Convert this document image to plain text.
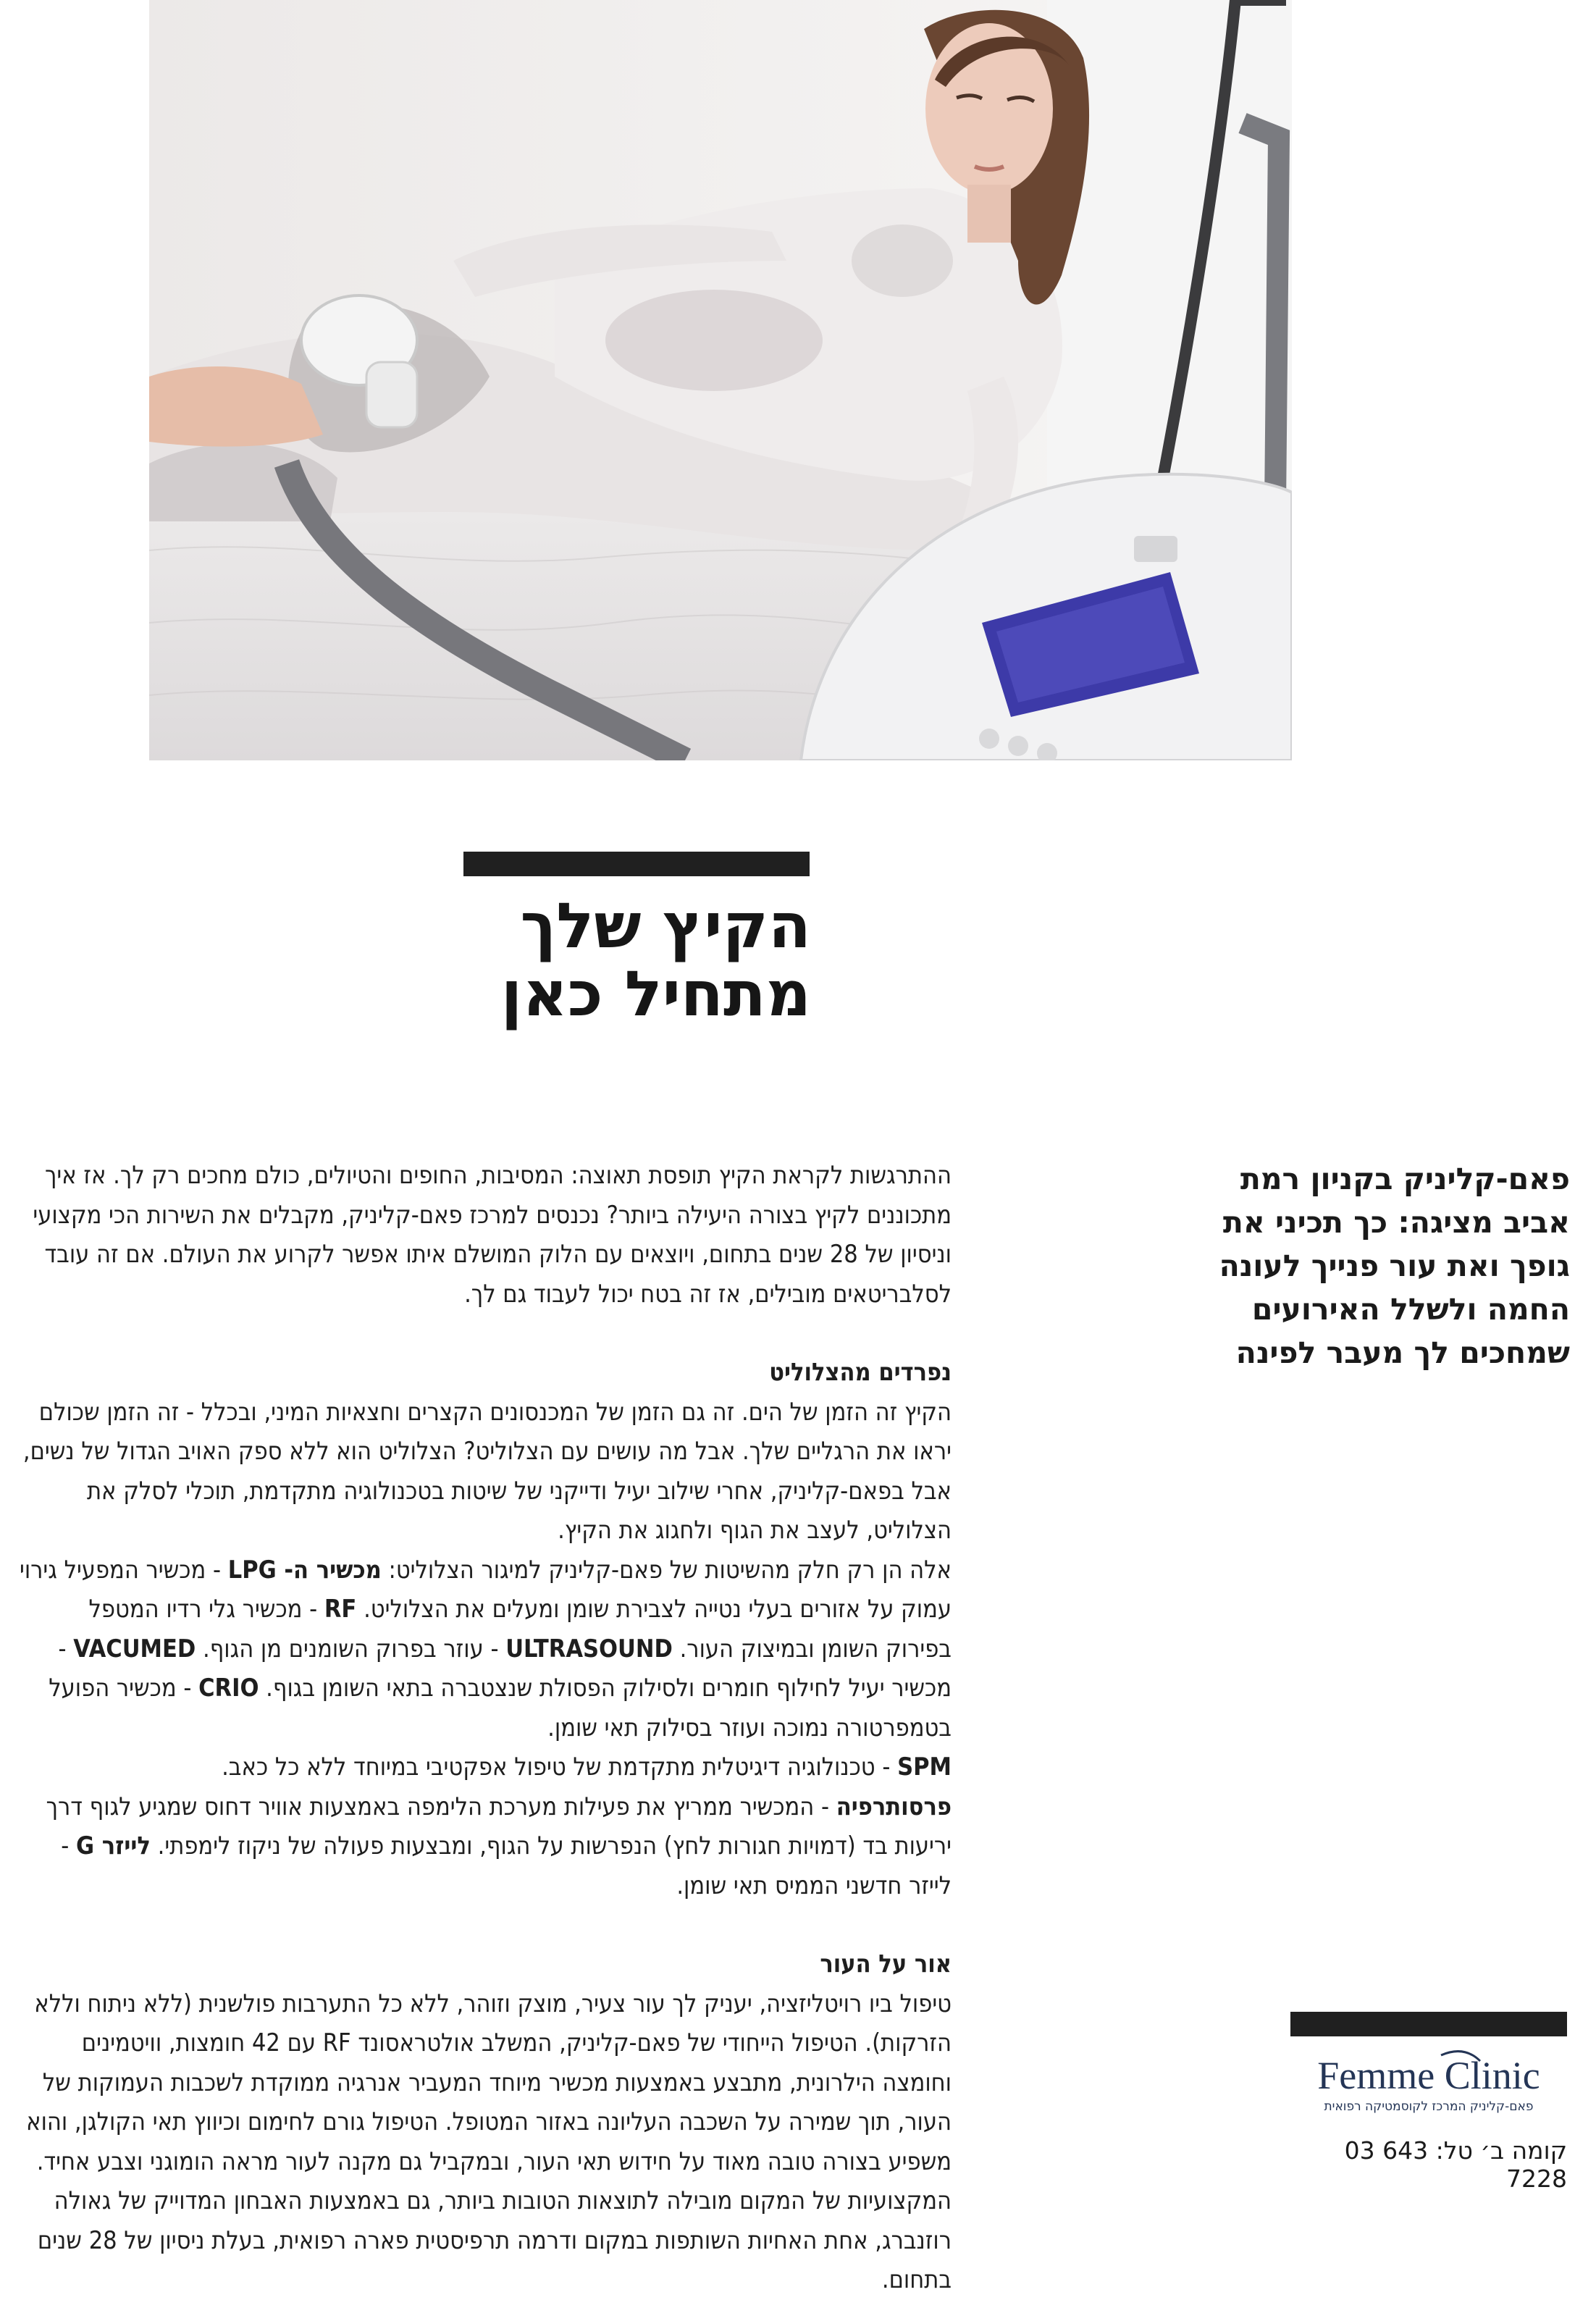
הקיץ שלך
מתחיל כאן

ההתרגשות לקראת הקיץ תופסת תאוצה: המסיבות, החופים והטיולים, כולם מחכים רק לך. אז איך מתכוננים לקיץ בצורה היעילה ביותר? נכנסים למרכז פאם-קליניק, מקבלים את השירות הכי מקצועי וניסיון של 28 שנים בתחום, ויוצאים עם הלוק המושלם איתו אפשר לקרוע את העולם. אם זה עובד לסלבריטאים מובילים, אז זה בטח יכול לעבוד גם לך.

נפרדים מהצלוליט

הקיץ זה הזמן של הים. זה גם הזמן של המכנסונים הקצרים וחצאיות המיני, ובכלל - זה הזמן שכולם יראו את הרגליים שלך. אבל מה עושים עם הצלוליט? הצלוליט הוא ללא ספק האויב הגדול של נשים, אבל בפאם-קליניק, אחרי שילוב יעיל ודייקני של שיטות בטכנולוגיה מתקדמת, תוכלי לסלק את הצלוליט, לעצב את הגוף ולחגוג את הקיץ.

אלה הן רק חלק מהשיטות של פאם-קליניק למיגור הצלוליט: מכשיר ה- LPG - מכשיר המפעיל גירוי עמוק על אזורים בעלי נטייה לצבירת שומן ומעלים את הצלוליט. RF - מכשיר גלי רדיו המטפל בפירוק השומן ובמיצוק העור. ULTRASOUND - עוזר בפרוק השומנים מן הגוף. VACUMED - מכשיר יעיל לחילוף חומרים ולסילוק הפסולת שנצטברה בתאי השומן בגוף. CRIO - מכשיר הפועל בטמפרטורה נמוכה ועוזר בסילוק תאי שומן.
SPM - טכנולוגיה דיגיטלית מתקדמת של טיפול אפקטיבי במיוחד ללא כל כאב.
פרסותרפיה - המכשיר ממריץ את פעילות מערכת הלימפה באמצעות אוויר דחוס שמגיע לגוף דרך יריעות בד (דמויות חגורות לחץ) הנפרשות על הגוף, ומבצעות פעולה של ניקוז לימפתי. לייזר G - לייזר חדשני הממיס תאי שומן.

אור על העור

טיפול ביו רויטליזציה, יעניק לך עור צעיר, מוצק וזוהר, ללא כל התערבות פולשנית (ללא ניתוח וללא הזרקות). הטיפול הייחודי של פאם-קליניק, המשלב אולטראסונד RF עם 42 חומצות, וויטמינים וחומצה הילרונית, מתבצע באמצעות מכשיר מיוחד המעביר אנרגיה ממוקדת לשכבות העמוקות של העור, תוך שמירה על השכבה העליונה באזור המטופל. הטיפול גורם לחימום וכיווץ תאי הקולגן, והוא משפיע בצורה טובה מאוד על חידוש תאי העור, ובמקביל גם מקנה לעור מראה הומוגני וצבע אחיד. המקצועיות של המקום מובילה לתוצאות הטובות ביותר, גם באמצעות האבחון המדוייק של גאולה רוזנברג, אחת האחיות השותפות במקום ודרמה תרפיסטית פארה רפואית, בעלת ניסיון של 28 שנים בתחום.

פאם-קליניק בקניון רמת אביב מציגה: כך תכיני את גופך ואת עור פנייך לעונה החמה ולשלל האירועים שמחכים לך מעבר לפינה

Femme Clinic
פאם-קליניק המרכז לקוסמטיקה רפואית
קומה ב׳ טל: 03 643 7228
